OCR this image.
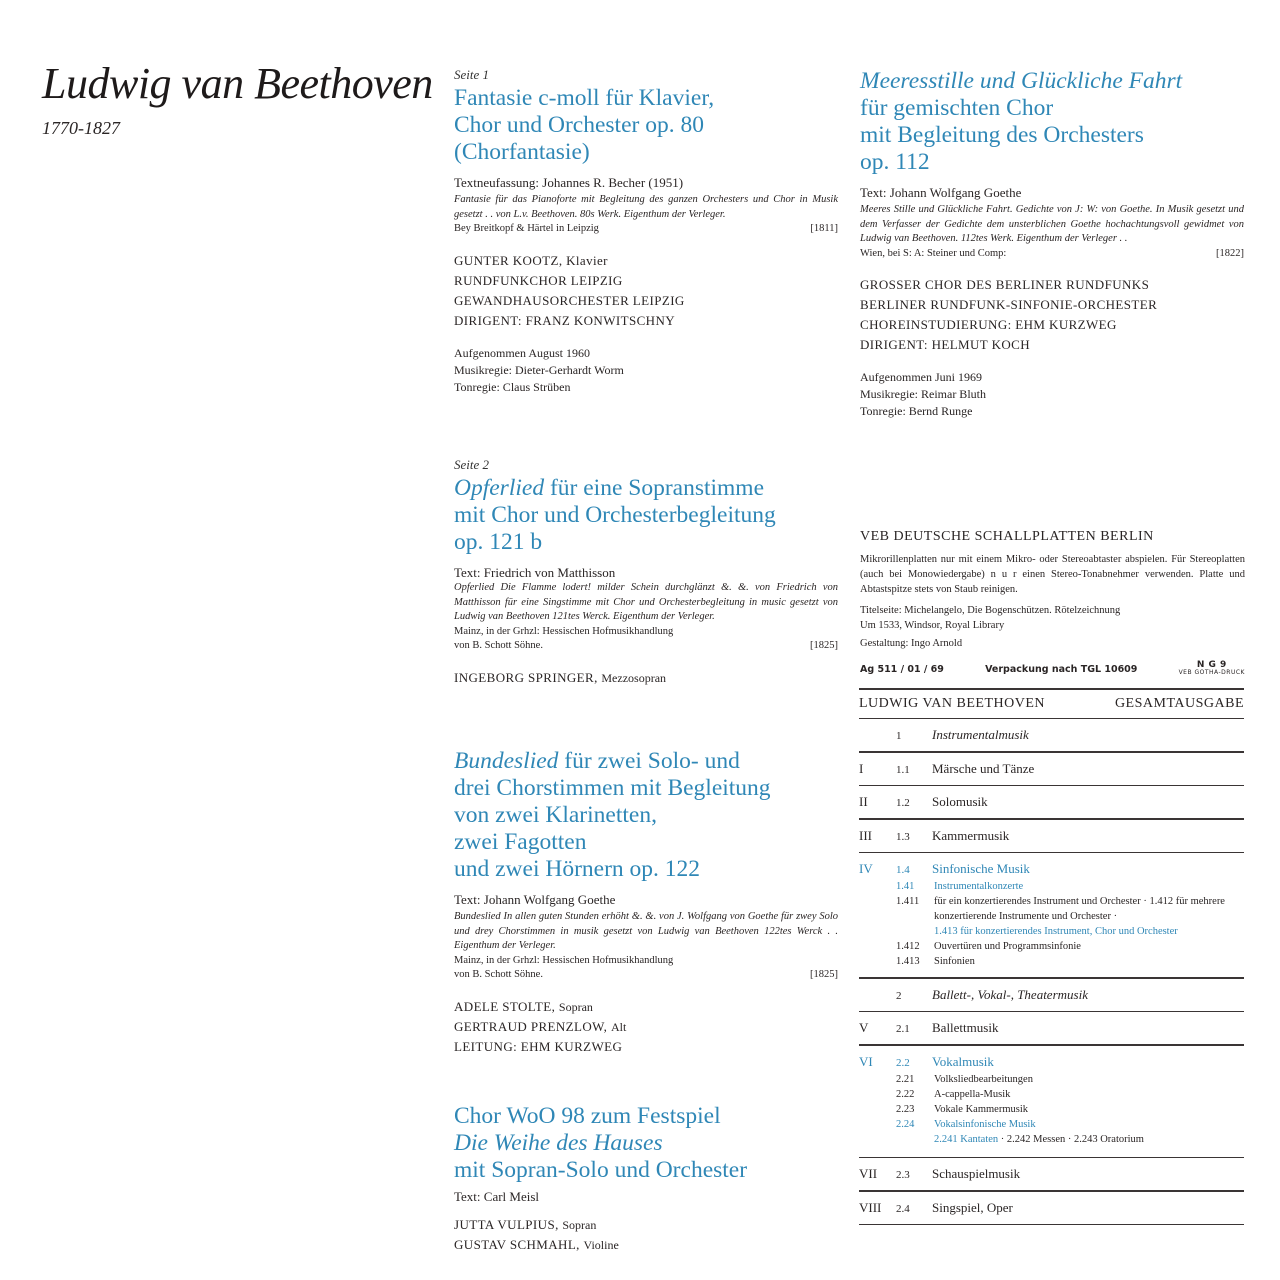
Ludwig van Beethoven
1770-1827
Seite 1
Fantasie c-moll für Klavier,
Chor und Orchester op. 80
(Chorfantasie)
Textneufassung: Johannes R. Becher (1951)
Fantasie für das Pianoforte mit Begleitung des ganzen Orchesters und Chor in Musik gesetzt . . von L.v. Beethoven. 80s Werk. Eigenthum der Verleger.
Bey Breitkopf & Härtel in Leipzig	[1811]
GUNTER KOOTZ, Klavier
RUNDFUNKCHOR LEIPZIG
GEWANDHAUSORCHESTER LEIPZIG
DIRIGENT: FRANZ KONWITSCHNY
Aufgenommen August 1960
Musikregie: Dieter-Gerhardt Worm
Tonregie: Claus Strüben
Meeresstille und Glückliche Fahrt
für gemischten Chor
mit Begleitung des Orchesters
op. 112
Text: Johann Wolfgang Goethe
Meeres Stille und Glückliche Fahrt. Gedichte von J: W: von Goethe. In Musik gesetzt und dem Verfasser der Gedichte dem unsterblichen Goethe hochachtungsvoll gewidmet von Ludwig van Beethoven. 112tes Werk. Eigenthum der Verleger . .
Wien, bei S: A: Steiner und Comp:	[1822]
GROSSER CHOR DES BERLINER RUNDFUNKS
BERLINER RUNDFUNK-SINFONIE-ORCHESTER
CHOREINSTUDIERUNG: EHM KURZWEG
DIRIGENT: HELMUT KOCH
Aufgenommen Juni 1969
Musikregie: Reimar Bluth
Tonregie: Bernd Runge
Seite 2
Opferlied für eine Sopranstimme
mit Chor und Orchesterbegleitung
op. 121 b
Text: Friedrich von Matthisson
Opferlied Die Flamme lodert! milder Schein durchglänzt &. &. von Friedrich von Matthisson für eine Singstimme mit Chor und Orchesterbegleitung in music gesetzt von Ludwig van Beethoven 121tes Werck. Eigenthum der Verleger.
Mainz, in der Grhzl: Hessischen Hofmusikhandlung
von B. Schott Söhne.	[1825]
INGEBORG SPRINGER, Mezzosopran
Bundeslied für zwei Solo- und
drei Chorstimmen mit Begleitung
von zwei Klarinetten,
zwei Fagotten
und zwei Hörnern op. 122
Text: Johann Wolfgang Goethe
Bundeslied In allen guten Stunden erhöht &. &. von J. Wolfgang von Goethe für zwey Solo und drey Chorstimmen in musik gesetzt von Ludwig van Beethoven 122tes Werck . . Eigenthum der Verleger.
Mainz, in der Grhzl: Hessischen Hofmusikhandlung
von B. Schott Söhne.	[1825]
ADELE STOLTE, Sopran
GERTRAUD PRENZLOW, Alt
LEITUNG: EHM KURZWEG
Chor WoO 98 zum Festspiel
Die Weihe des Hauses
mit Sopran-Solo und Orchester
Text: Carl Meisl
JUTTA VULPIUS, Sopran
GUSTAV SCHMAHL, Violine
VEB DEUTSCHE SCHALLPLATTEN BERLIN
Mikrorillenplatten nur mit einem Mikro- oder Stereoabtaster abspielen. Für Stereoplatten (auch bei Monowiedergabe) n u r einen Stereo-Tonabnehmer verwenden. Platte und Abtastspitze stets von Staub reinigen.
Titelseite: Michelangelo, Die Bogenschützen. Rötelzeichnung
Um 1533, Windsor, Royal Library
Gestaltung: Ingo Arnold
Ag 511 / 01 / 69	Verpackung nach TGL 10609	N G 9
VEB GOTHA-DRUCK
LUDWIG VAN BEETHOVEN	GESAMTAUSGABE
1	Instrumentalmusik
I	1.1	Märsche und Tänze
II	1.2	Solomusik
III	1.3	Kammermusik
IV	1.4	Sinfonische Musik
1.41	Instrumentalkonzerte
1.411	für ein konzertierendes Instrument und Orchester · 1.412 für mehrere konzertierende Instrumente und Orchester ·
1.413 für konzertierendes Instrument, Chor und Orchester
1.412	Ouvertüren und Programmsinfonie
1.413	Sinfonien
2	Ballett-, Vokal-, Theatermusik
V	2.1	Ballettmusik
VI	2.2	Vokalmusik
2.21	Volksliedbearbeitungen
2.22	A-cappella-Musik
2.23	Vokale Kammermusik
2.24	Vokalsinfonische Musik
2.241 Kantaten · 2.242 Messen · 2.243 Oratorium
VII	2.3	Schauspielmusik
VIII	2.4	Singspiel, Oper
